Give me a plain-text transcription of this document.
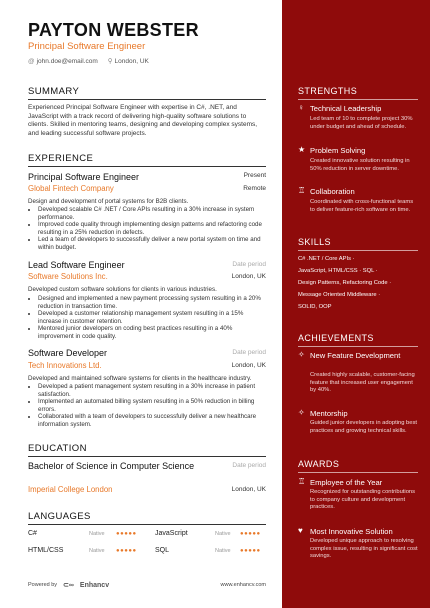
PAYTON WEBSTER
Principal Software Engineer
@ john.doe@email.com ⚲ London, UK
SUMMARY
Experienced Principal Software Engineer with expertise in C#, .NET, and JavaScript with a track record of delivering high-quality software solutions to clients. Skilled in mentoring teams, designing and developing complex systems, and leading successful software projects.
EXPERIENCE
Principal Software Engineer	Present
Global Fintech Company	Remote
Design and development of portal systems for B2B clients.
• Developed scalable C# .NET / Core APIs resulting in a 30% increase in system performance.
• Improved code quality through implementing design patterns and refactoring code resulting in a 25% reduction in defects.
• Led a team of developers to successfully deliver a new portal system on time and within budget.
Lead Software Engineer	Date period
Software Solutions Inc.	London, UK
Developed custom software solutions for clients in various industries.
• Designed and implemented a new payment processing system resulting in a 20% reduction in transaction time.
• Developed a customer relationship management system resulting in a 15% increase in customer retention.
• Mentored junior developers on coding best practices resulting in a 40% improvement in code quality.
Software Developer	Date period
Tech Innovations Ltd.	London, UK
Developed and maintained software systems for clients in the healthcare industry.
• Developed a patient management system resulting in a 30% increase in patient satisfaction.
• Implemented an automated billing system resulting in a 50% reduction in billing errors.
• Collaborated with a team of developers to successfully deliver a new healthcare information system.
EDUCATION
Bachelor of Science in Computer Science	Date period
Imperial College London	London, UK
LANGUAGES
C#	Native ●●●●●	JavaScript	Native ●●●●●
HTML/CSS	Native ●●●●●	SQL	Native ●●●●●
Powered by ⊂∞ Enhancv	www.enhancv.com
STRENGTHS
♀ Technical Leadership
Led team of 10 to complete project 30% under budget and ahead of schedule.
★ Problem Solving
Created innovative solution resulting in 50% reduction in server downtime.
♖ Collaboration
Coordinated with cross-functional teams to deliver feature-rich software on time.
SKILLS
C# .NET / Core APIs ·
JavaScript, HTML/CSS · SQL ·
Design Patterns, Refactoring Code ·
Message Oriented Middleware ·
SOLID, OOP
ACHIEVEMENTS
✧ New Feature Development
Created highly scalable, customer-facing feature that increased user engagement by 40%.
✧ Mentorship
Guided junior developers in adopting best practices and growing technical skills.
AWARDS
♖ Employee of the Year
Recognized for outstanding contributions to company culture and development practices.
♥ Most Innovative Solution
Developed unique approach to resolving complex issue, resulting in significant cost savings.
